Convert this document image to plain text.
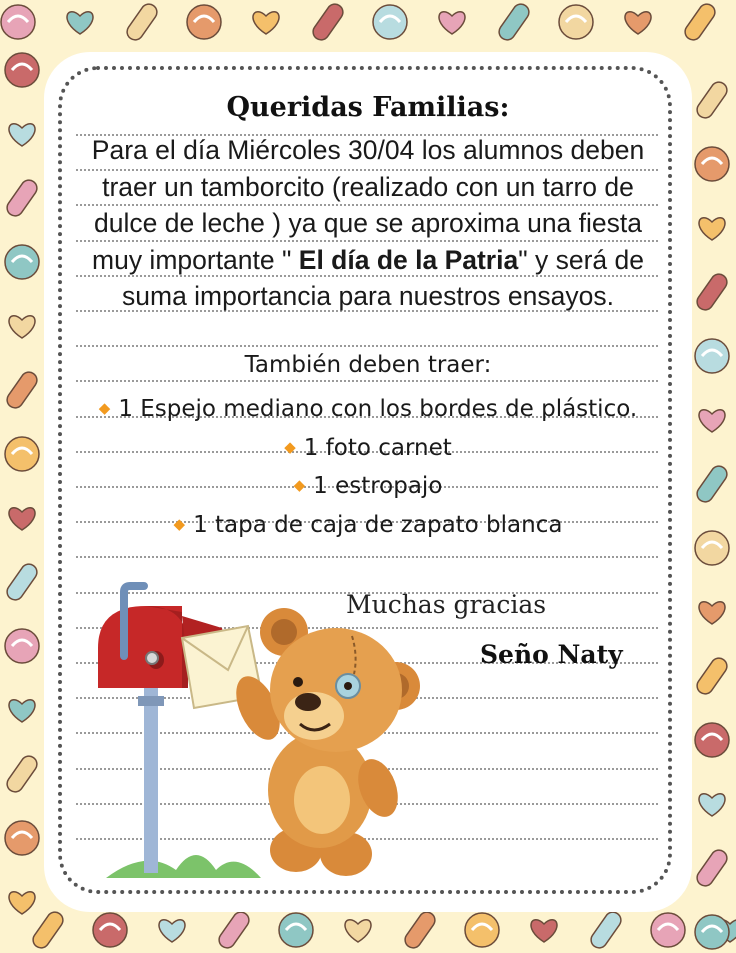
Queridas Familias:
Para el día Miércoles 30/04 los alumnos deben traer un tamborcito (realizado con un tarro de dulce de leche ) ya que se aproxima una fiesta muy importante " El día de la Patria" y será de suma importancia para nuestros ensayos.
También deben traer:
◆ 1 Espejo mediano con los bordes de plástico.
◆ 1 foto carnet
◆ 1 estropajo
◆ 1 tapa de caja de zapato blanca
Muchas gracias
Seño Naty
